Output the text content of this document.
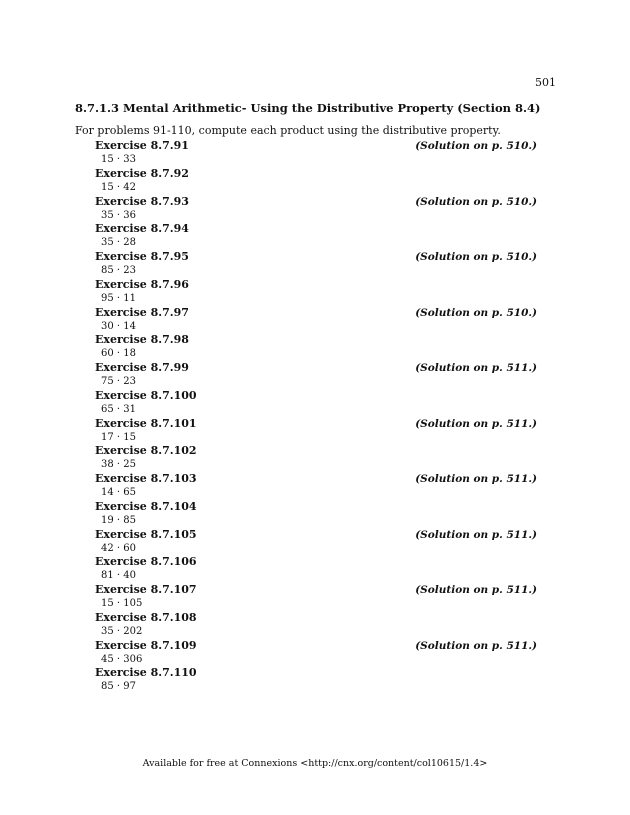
501
8.7.1.3 Mental Arithmetic- Using the Distributive Property (Section 8.4)
For problems 91-110, compute each product using the distributive property.
Exercise 8.7.91
15 · 33
(Solution on p. 510.)
Exercise 8.7.92
15 · 42
Exercise 8.7.93
35 · 36
(Solution on p. 510.)
Exercise 8.7.94
35 · 28
Exercise 8.7.95
85 · 23
(Solution on p. 510.)
Exercise 8.7.96
95 · 11
Exercise 8.7.97
30 · 14
(Solution on p. 510.)
Exercise 8.7.98
60 · 18
Exercise 8.7.99
75 · 23
(Solution on p. 511.)
Exercise 8.7.100
65 · 31
Exercise 8.7.101
17 · 15
(Solution on p. 511.)
Exercise 8.7.102
38 · 25
Exercise 8.7.103
14 · 65
(Solution on p. 511.)
Exercise 8.7.104
19 · 85
Exercise 8.7.105
42 · 60
(Solution on p. 511.)
Exercise 8.7.106
81 · 40
Exercise 8.7.107
15 · 105
(Solution on p. 511.)
Exercise 8.7.108
35 · 202
Exercise 8.7.109
45 · 306
(Solution on p. 511.)
Exercise 8.7.110
85 · 97
Available for free at Connexions <http://cnx.org/content/col10615/1.4>
